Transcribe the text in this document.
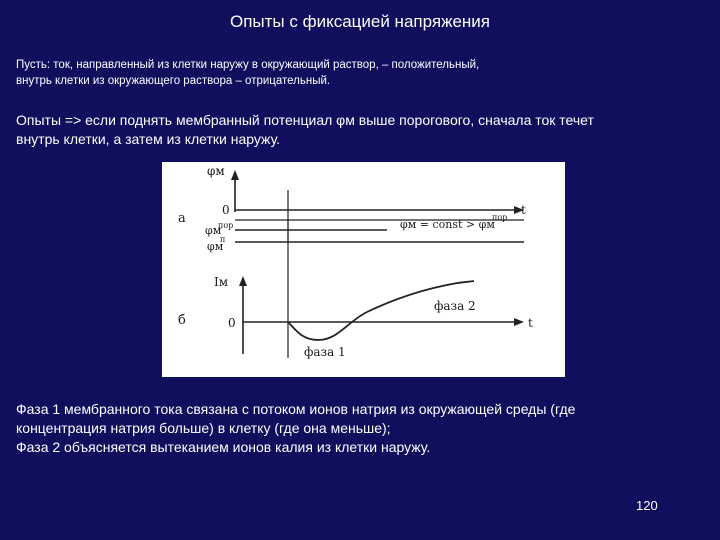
Опыты с фиксацией напряжения
Пусть: ток, направленный из клетки наружу в окружающий раствор, – положительный,
внутрь клетки из окружающего раствора – отрицательный.
Опыты => если поднять мембранный потенциал φм выше порогового, сначала ток течет
внутрь клетки, а затем из клетки наружу.
а
φм
0	t
φм
пор
φм
п
φм = const > φм
пор
б
Iм
0	t
фаза 1
фаза 2
Фаза 1 мембранного тока связана с потоком ионов натрия из окружающей среды (где
концентрация натрия больше) в клетку (где она меньше);
Фаза 2 объясняется вытеканием ионов калия из клетки наружу.
120
